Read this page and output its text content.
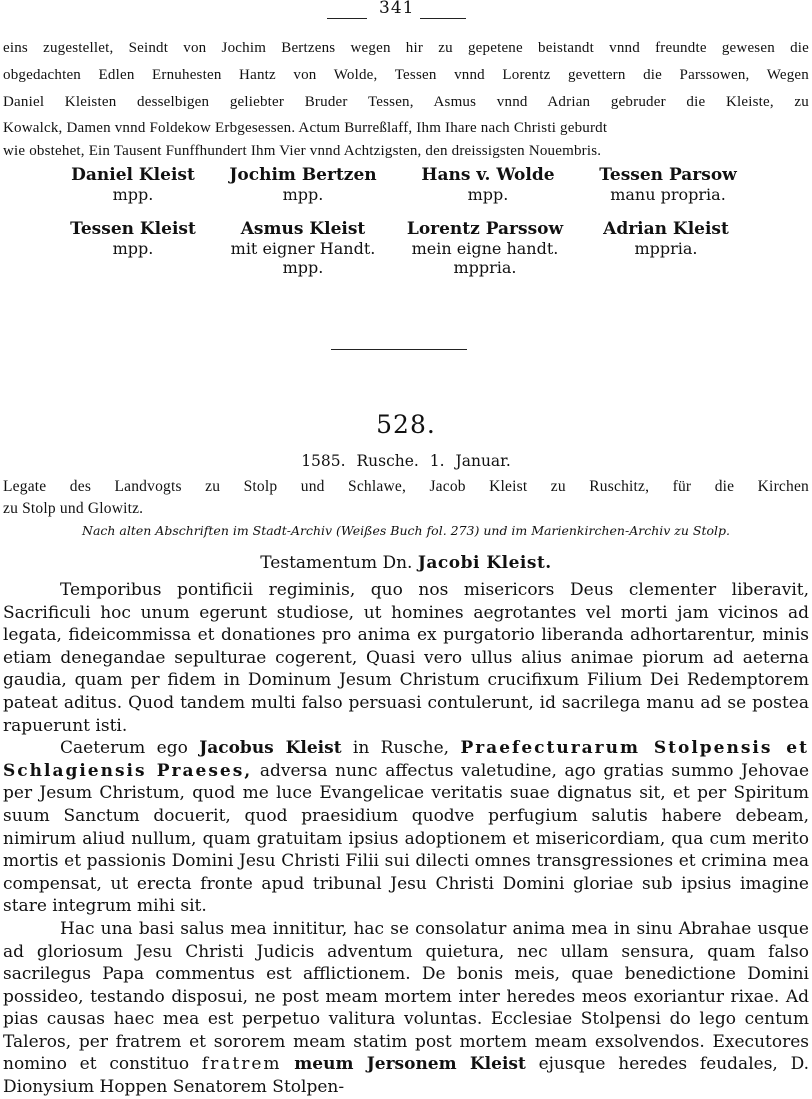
341
eins zugestellet, Seindt von Jochim Bertzens wegen hir zu gepetene beistandt vnnd freundte gewesen die
obgedachten Edlen Ernuhesten Hantz von Wolde, Tessen vnnd Lorentz gevettern die Parssowen, Wegen
Daniel Kleisten desselbigen geliebter Bruder Tessen, Asmus vnnd Adrian gebruder die Kleiste, zu
Kowalck, Damen vnnd Foldekow Erbgesessen. Actum Burreßlaff, Ihm Ihare nach Christi geburdt
wie obstehet, Ein Tausent Funffhundert Ihm Vier vnnd Achtzigsten, den dreissigsten Nouembris.
Daniel Kleist
mpp.
Jochim Bertzen
mpp.
Hans v. Wolde
mpp.
Tessen Parsow
manu propria.
Tessen Kleist
mpp.
Asmus Kleist
mit eigner Handt.
mpp.
Lorentz Parssow
mein eigne handt.
mppria.
Adrian Kleist
mppria.
528.
1585. Rusche. 1. Januar.
Legate des Landvogts zu Stolp und Schlawe, Jacob Kleist zu Ruschitz, für die Kirchen
zu Stolp und Glowitz.
Nach alten Abschriften im Stadt-Archiv (Weißes Buch fol. 273) und im Marienkirchen-Archiv zu Stolp.
Testamentum Dn. Jacobi Kleist.

Temporibus pontificii regiminis, quo nos misericors Deus clementer liberavit, Sacrificuli hoc unum egerunt studiose, ut homines aegrotantes vel morti jam vicinos ad legata, fideicommissa et donationes pro anima ex purgatorio liberanda adhortarentur, minis etiam denegandae sepulturae cogerent, Quasi vero ullus alius animae piorum ad aeterna gaudia, quam per fidem in Dominum Jesum Christum crucifixum Filium Dei Redemptorem pateat aditus. Quod tandem multi falso persuasi contulerunt, id sacrilega manu ad se postea rapuerunt isti.

Caeterum ego Jacobus Kleist in Rusche, Praefecturarum Stolpensis et Schlagiensis Praeses, adversa nunc affectus valetudine, ago gratias summo Jehovae per Jesum Christum, quod me luce Evangelicae veritatis suae dignatus sit, et per Spiritum suum Sanctum docuerit, quod praesidium quodve perfugium salutis habere debeam, nimirum aliud nullum, quam gratuitam ipsius adoptionem et misericordiam, qua cum merito mortis et passionis Domini Jesu Christi Filii sui dilecti omnes transgressiones et crimina mea compensat, ut erecta fronte apud tribunal Jesu Christi Domini gloriae sub ipsius imagine stare integrum mihi sit.

Hac una basi salus mea innititur, hac se consolatur anima mea in sinu Abrahae usque ad gloriosum Jesu Christi Judicis adventum quietura, nec ullam sensura, quam falso sacrilegus Papa commentus est afflictionem. De bonis meis, quae benedictione Domini possideo, testando disposui, ne post meam mortem inter heredes meos exoriantur rixae. Ad pias causas haec mea est perpetuo valitura voluntas. Ecclesiae Stolpensi do lego centum Taleros, per fratrem et sororem meam statim post mortem meam exsolvendos. Executores nomino et constituo fratrem meum Jersonem Kleist ejusque heredes feudales, D. Dionysium Hoppen Senatorem Stolpen-
